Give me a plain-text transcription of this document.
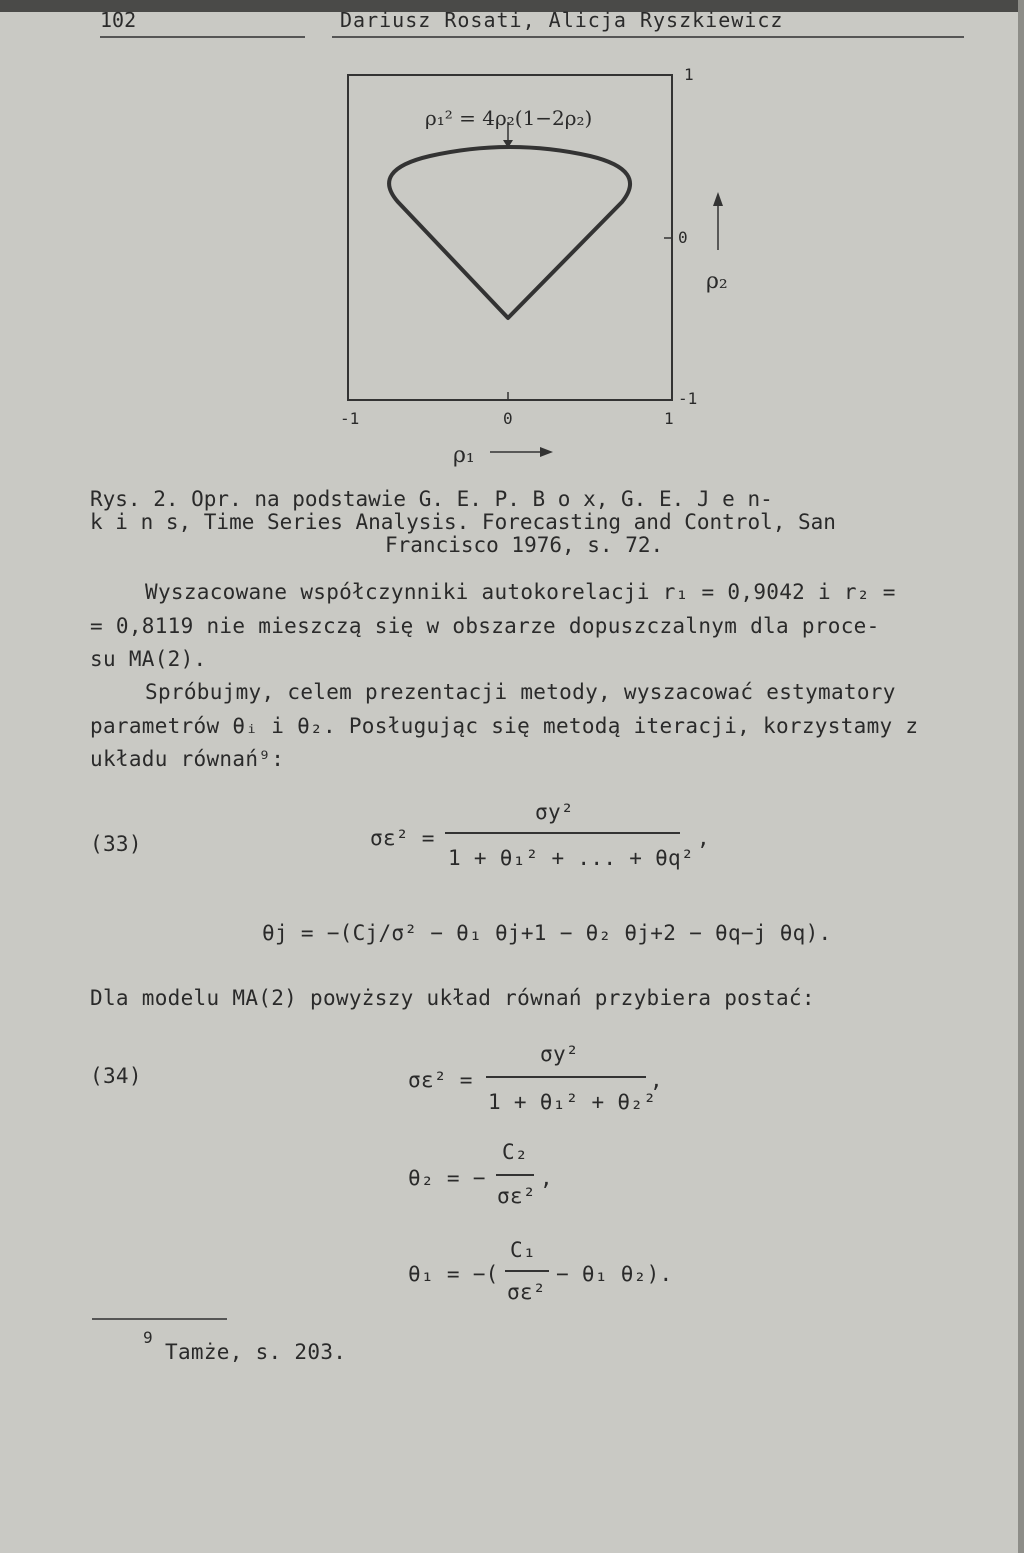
102	Dariusz Rosati, Alicja Ryszkiewicz
ρ₁² = 4ρ₂(1−2ρ₂)
1
0
-1
-1	0	1
ρ₂
ρ₁
Rys. 2. Opr. na podstawie G. E. P. B o x, G. E. J e n-
k i n s, Time Series Analysis. Forecasting and Control, San
Francisco 1976, s. 72.
Wyszacowane współczynniki autokorelacji r₁ = 0,9042 i r₂ =
= 0,8119 nie mieszczą się w obszarze dopuszczalnym dla proce-
su MA(2).
Spróbujmy, celem prezentacji metody, wyszacować estymatory
parametrów θᵢ i θ₂. Posługując się metodą iteracji, korzystamy z
układu równań⁹:
(33)	σε² =
σy²
1 + θ₁² + ... + θq²
,
θj = −(Cj/σ² − θ₁ θj+1 − θ₂ θj+2 − θq−j θq).
Dla modelu MA(2) powyższy układ równań przybiera postać:
(34)	σε² =
σy²
1 + θ₁² + θ₂²
,
θ₂ = −
C₂
σε²
,
θ₁ = −(
C₁
σε²
− θ₁ θ₂).
9
Tamże, s. 203.
